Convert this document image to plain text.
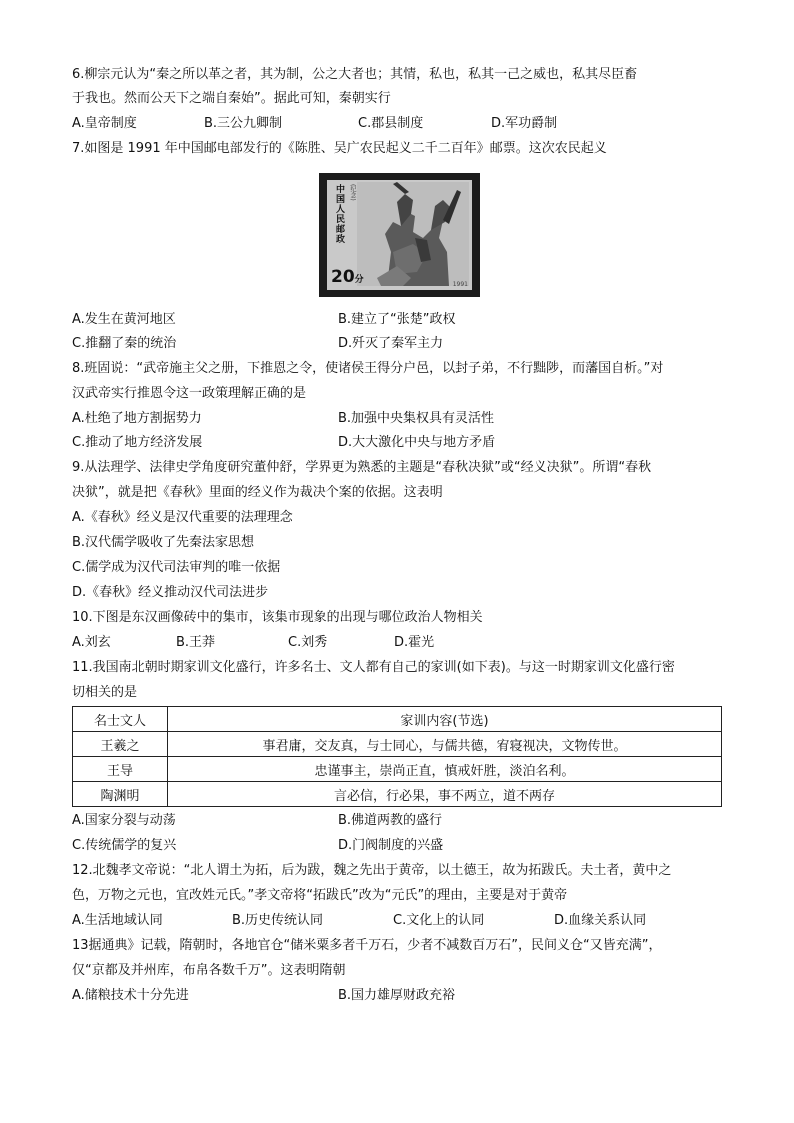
6.柳宗元认为“秦之所以革之者，其为制，公之大者也；其情，私也，私其一己之威也，私其尽臣畜
于我也。然而公天下之端自秦始”。据此可知，秦朝实行
A.皇帝制度	B.三公九卿制	C.郡县制度	D.军功爵制
7.如图是 1991 年中国邮电部发行的《陈胜、吴广农民起义二千二百年》邮票。这次农民起义
中国人民邮政 (纪念)
20分	1991
A.发生在黄河地区	B.建立了“张楚”政权
C.推翻了秦的统治	D.歼灭了秦军主力
8.班固说：“武帝施主父之册，下推恩之令，使诸侯王得分户邑，以封子弟，不行黜陟，而藩国自析。”对
汉武帝实行推恩令这一政策理解正确的是
A.杜绝了地方割据势力	B.加强中央集权具有灵活性
C.推动了地方经济发展	D.大大激化中央与地方矛盾
9.从法理学、法律史学角度研究董仲舒，学界更为熟悉的主题是“春秋决狱”或“经义决狱”。所谓“春秋
决狱”，就是把《春秋》里面的经义作为裁决个案的依据。这表明
A.《春秋》经义是汉代重要的法理理念
B.汉代儒学吸收了先秦法家思想
C.儒学成为汉代司法审判的唯一依据
D.《春秋》经义推动汉代司法进步
10.下图是东汉画像砖中的集市，该集市现象的出现与哪位政治人物相关
A.刘玄	B.王莽	C.刘秀	D.霍光
11.我国南北朝时期家训文化盛行，许多名士、文人都有自己的家训(如下表)。与这一时期家训文化盛行密
切相关的是
名士文人	家训内容(节选)
王羲之	事君庸，交友真，与士同心，与儒共德，宥寝视决，文物传世。
王导	忠谨事主，崇尚正直，慎戒奸胜，淡泊名利。
陶渊明	言必信，行必果，事不两立，道不两存
A.国家分裂与动荡	B.佛道两教的盛行
C.传统儒学的复兴	D.门阀制度的兴盛
12.北魏孝文帝说：“北人谓土为拓，后为跋，魏之先出于黄帝，以土德王，故为拓跋氏。夫土者，黄中之
色，万物之元也，宜改姓元氏。”孝文帝将“拓跋氏”改为“元氏”的理由，主要是对于黄帝
A.生活地域认同	B.历史传统认同	C.文化上的认同	D.血缘关系认同
13据通典》记载，隋朝时，各地官仓“储米粟多者千万石，少者不减数百万石”，民间义仓“又皆充满”，
仅“京都及并州库，布帛各数千万”。这表明隋朝
A.储粮技术十分先进	B.国力雄厚财政充裕
